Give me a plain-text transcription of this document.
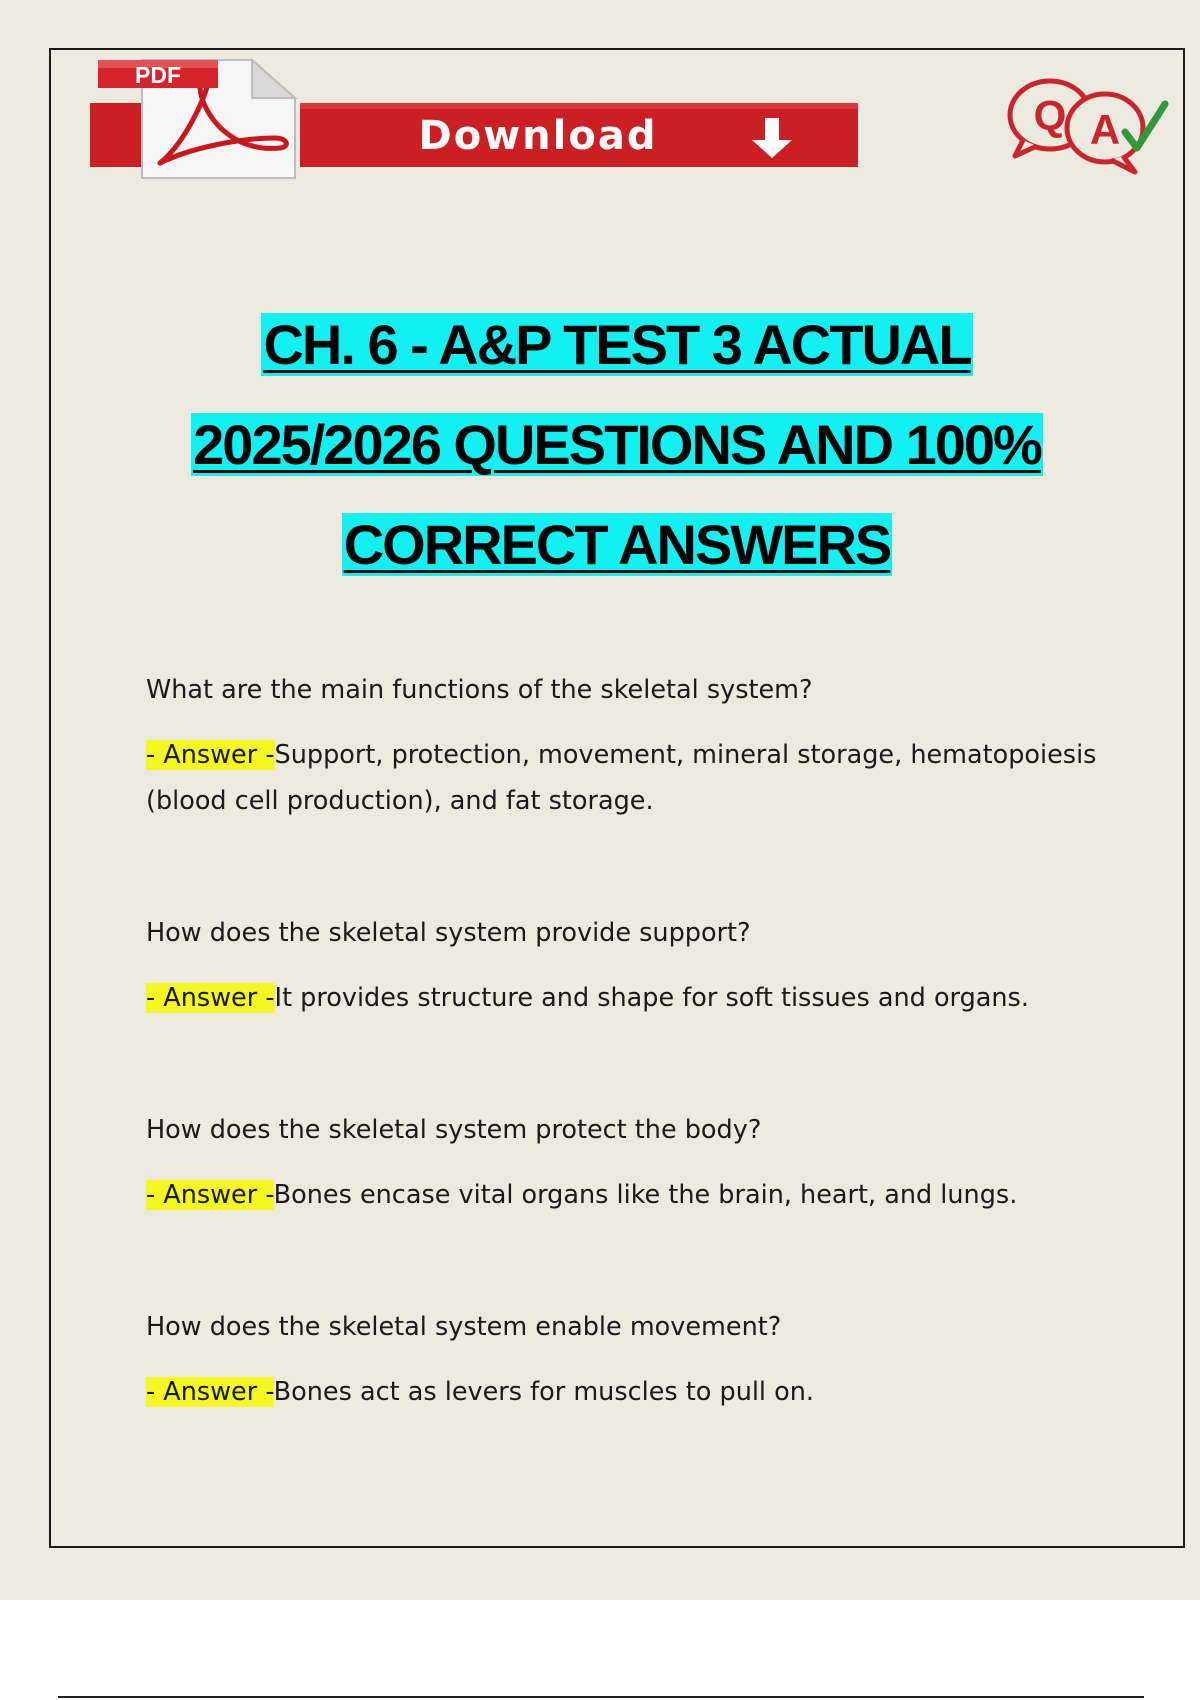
PDF
Download	Q A
CH. 6 - A&P TEST 3 ACTUAL
2025/2026 QUESTIONS AND 100%
CORRECT ANSWERS

What are the main functions of the skeletal system?

- Answer -Support, protection, movement, mineral storage, hematopoiesis (blood cell production), and fat storage.

How does the skeletal system provide support?

- Answer -It provides structure and shape for soft tissues and organs.

How does the skeletal system protect the body?

- Answer -Bones encase vital organs like the brain, heart, and lungs.

How does the skeletal system enable movement?

- Answer -Bones act as levers for muscles to pull on.
